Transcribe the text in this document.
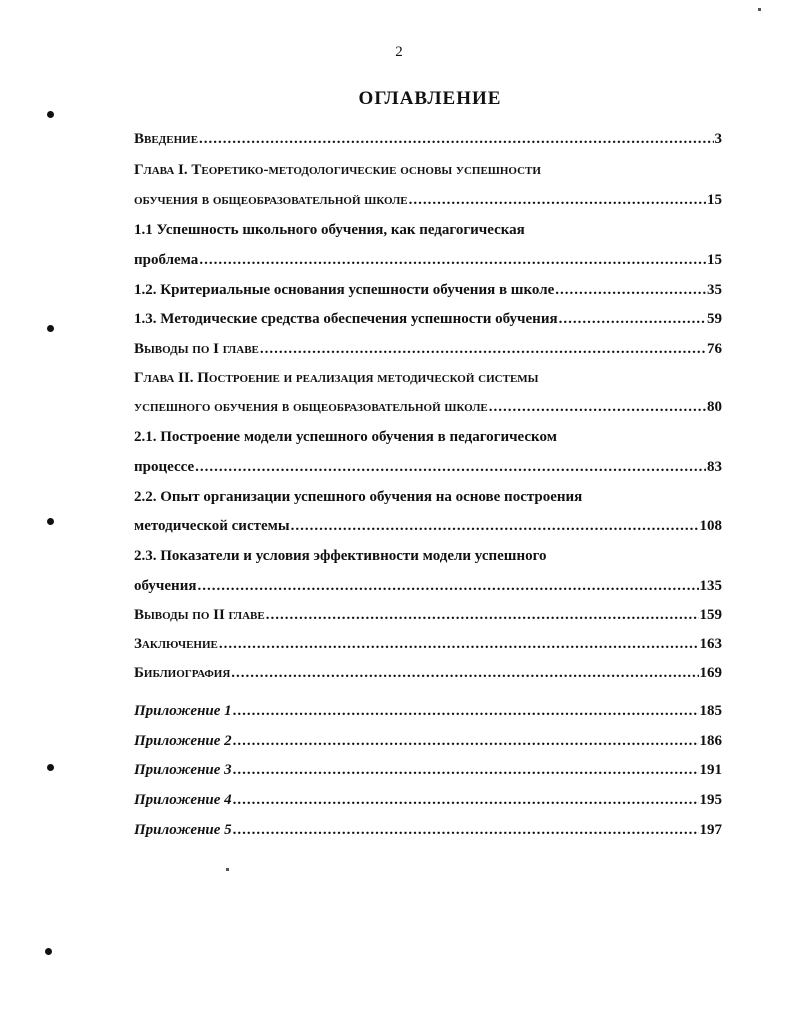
2
ОГЛАВЛЕНИЕ
Введение .....	3
Глава I. Теоретико-методологические основы успешности
обучения в общеобразовательной школе .....	15
1.1 Успешность школьного обучения, как педагогическая
проблема .....	15
1.2. Критериальные основания успешности обучения в школе .....	35
1.3. Методические средства обеспечения успешности обучения .....	59
Выводы по I главе .....	76
Глава II. Построение и реализация методической системы
успешного обучения в общеобразовательной школе .....	80
2.1. Построение модели успешного обучения в педагогическом
процессе .....	83
2.2. Опыт организации успешного обучения на основе построения
методической системы .....	108
2.3. Показатели и условия эффективности модели успешного
обучения .....	135
Выводы по II главе .....	159
Заключение .....	163
Библиография .....	169
Приложение 1 .....	185
Приложение 2 .....	186
Приложение 3 .....	191
Приложение 4 .....	195
Приложение 5 .....	197
